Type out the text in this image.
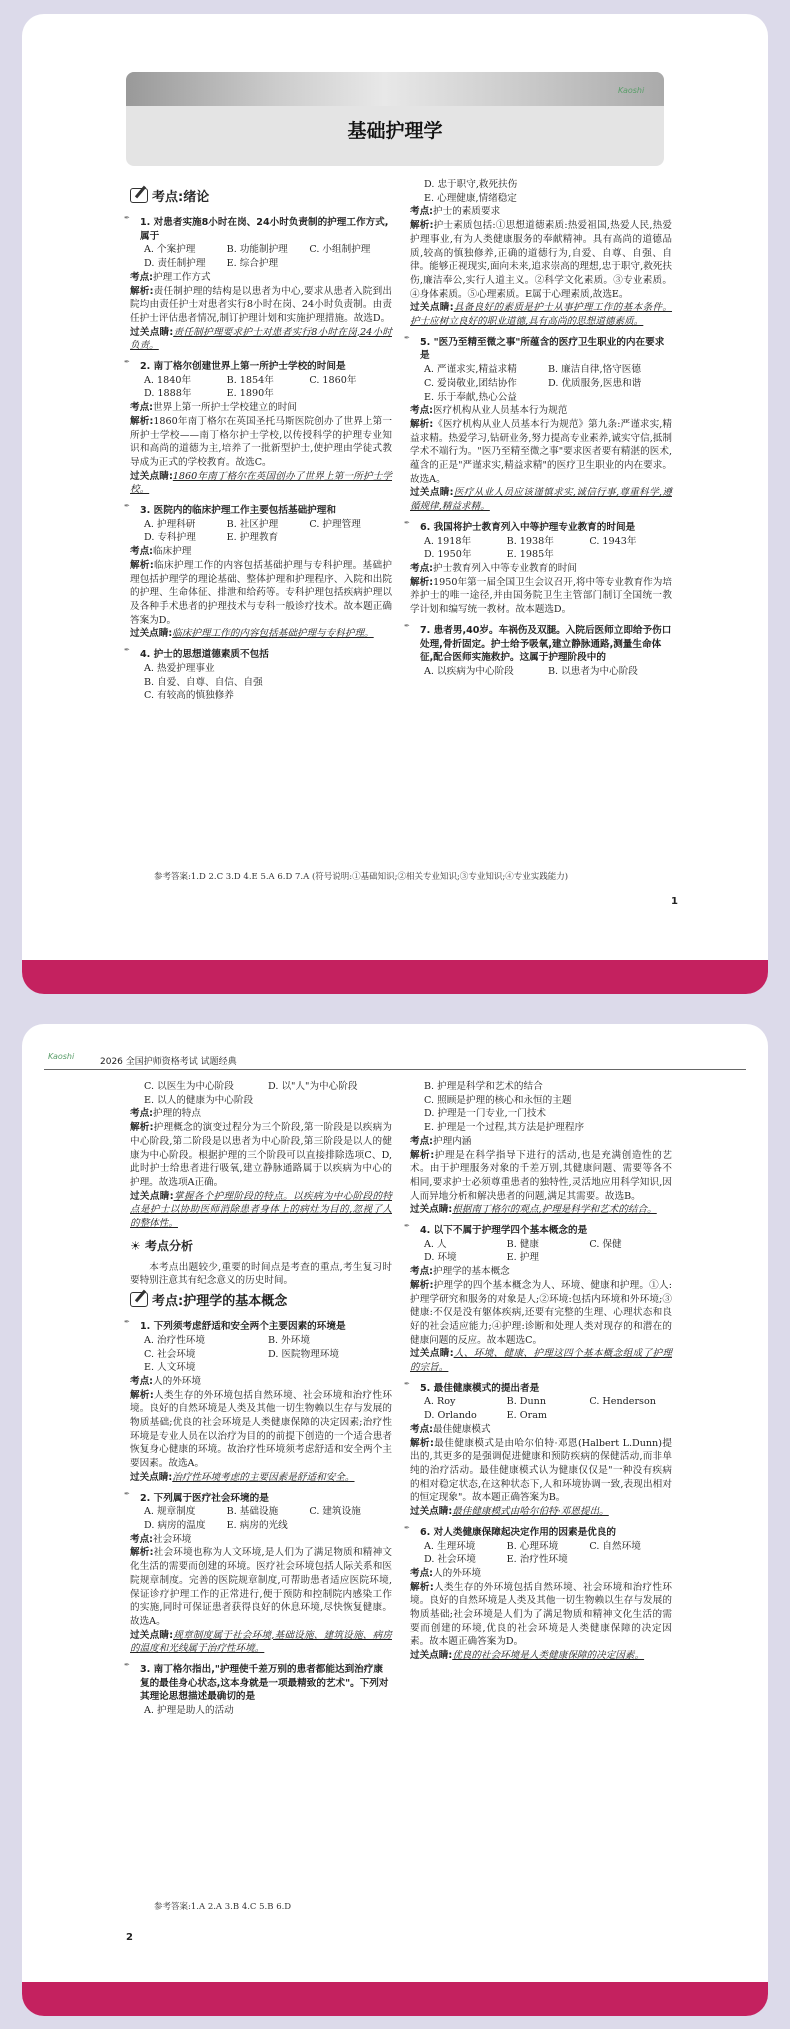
基础护理学
Kaoshi
考点:绪论
✒ 1. 对患者实施8小时在岗、24小时负责制的护理工作方式,属于
A. 个案护理	B. 功能制护理	C. 小组制护理
D. 责任制护理	E. 综合护理
考点:护理工作方式
解析:责任制护理的结构是以患者为中心,要求从患者入院到出院均由责任护士对患者实行8小时在岗、24小时负责制。由责任护士评估患者情况,制订护理计划和实施护理措施。故选D。
过关点睛:责任制护理要求护士对患者实行8小时在岗,24小时负责。
✒ 2. 南丁格尔创建世界上第一所护士学校的时间是
A. 1840年	B. 1854年	C. 1860年
D. 1888年	E. 1890年
考点:世界上第一所护士学校建立的时间
解析:1860年南丁格尔在英国圣托马斯医院创办了世界上第一所护士学校——南丁格尔护士学校,以传授科学的护理专业知识和高尚的道德为主,培养了一批新型护士,使护理由学徒式教导成为正式的学校教育。故选C。
过关点睛:1860年南丁格尔在英国创办了世界上第一所护士学校。
✒ 3. 医院内的临床护理工作主要包括基础护理和
A. 护理科研	B. 社区护理	C. 护理管理
D. 专科护理	E. 护理教育
考点:临床护理
解析:临床护理工作的内容包括基础护理与专科护理。基础护理包括护理学的理论基础、整体护理和护理程序、入院和出院的护理、生命体征、排泄和给药等。专科护理包括疾病护理以及各种手术患者的护理技术与专科一般诊疗技术。故本题正确答案为D。
过关点睛:临床护理工作的内容包括基础护理与专科护理。
✒ 4. 护士的思想道德素质不包括
A. 热爱护理事业
B. 自爱、自尊、自信、自强
C. 有较高的慎独修养
D. 忠于职守,救死扶伤
E. 心理健康,情绪稳定
考点:护士的素质要求
解析:护士素质包括:①思想道德素质:热爱祖国,热爱人民,热爱护理事业,有为人类健康服务的奉献精神。具有高尚的道德品质,较高的慎独修养,正确的道德行为,自爱、自尊、自强、自律。能够正视现实,面向未来,追求崇高的理想,忠于职守,救死扶伤,廉洁奉公,实行人道主义。②科学文化素质。③专业素质。④身体素质。⑤心理素质。E属于心理素质,故选E。
过关点睛:具备良好的素质是护士从事护理工作的基本条件。护士应树立良好的职业道德,具有高尚的思想道德素质。
✒ 5. "医乃至精至微之事"所蕴含的医疗卫生职业的内在要求是
A. 严谨求实,精益求精	B. 廉洁自律,恪守医德
C. 爱岗敬业,团结协作	D. 优质服务,医患和谐
E. 乐于奉献,热心公益
考点:医疗机构从业人员基本行为规范
解析:《医疗机构从业人员基本行为规范》第九条:严谨求实,精益求精。热爱学习,钻研业务,努力提高专业素养,诚实守信,抵制学术不端行为。"医乃至精至微之事"要求医者要有精湛的医术,蕴含的正是"严谨求实,精益求精"的医疗卫生职业的内在要求。故选A。
过关点睛:医疗从业人员应该谨慎求实,诚信行事,尊重科学,遵循规律,精益求精。
✒ 6. 我国将护士教育列入中等护理专业教育的时间是
A. 1918年	B. 1938年	C. 1943年
D. 1950年	E. 1985年
考点:护士教育列入中等专业教育的时间
解析:1950年第一届全国卫生会议召开,将中等专业教育作为培养护士的唯一途径,并由国务院卫生主管部门制订全国统一教学计划和编写统一教材。故本题选D。
✒ 7. 患者男,40岁。车祸伤及双腿。入院后医师立即给予伤口处理,骨折固定。护士给予吸氧,建立静脉通路,测量生命体征,配合医师实施救护。这属于护理阶段中的
A. 以疾病为中心阶段	B. 以患者为中心阶段
参考答案:1.D 2.C 3.D 4.E 5.A 6.D 7.A (符号说明:①基础知识;②相关专业知识;③专业知识;④专业实践能力)
1
Kaoshi
2026 全国护师资格考试 试题经典
C. 以医生为中心阶段	D. 以"人"为中心阶段
E. 以人的健康为中心阶段
考点:护理的特点
解析:护理概念的演变过程分为三个阶段,第一阶段是以疾病为中心阶段,第二阶段是以患者为中心阶段,第三阶段是以人的健康为中心阶段。根据护理的三个阶段可以直接排除选项C、D,此时护士给患者进行吸氧,建立静脉通路属于以疾病为中心的护理。故选项A正确。
过关点睛:掌握各个护理阶段的特点。以疾病为中心阶段的特点是护士以协助医师消除患者身体上的病灶为目的,忽视了人的整体性。
☀ 考点分析
本考点出题较少,重要的时间点是考查的重点,考生复习时要特别注意其有纪念意义的历史时间。
考点:护理学的基本概念
✒ 1. 下列须考虑舒适和安全两个主要因素的环境是
A. 治疗性环境	B. 外环境
C. 社会环境	D. 医院物理环境
E. 人文环境
考点:人的外环境
解析:人类生存的外环境包括自然环境、社会环境和治疗性环境。良好的自然环境是人类及其他一切生物赖以生存与发展的物质基础;优良的社会环境是人类健康保障的决定因素;治疗性环境是专业人员在以治疗为目的的前提下创造的一个适合患者恢复身心健康的环境。故治疗性环境须考虑舒适和安全两个主要因素。故选A。
过关点睛:治疗性环境考虑的主要因素是舒适和安全。
✒ 2. 下列属于医疗社会环境的是
A. 规章制度	B. 基础设施	C. 建筑设施
D. 病房的温度	E. 病房的光线
考点:社会环境
解析:社会环境也称为人文环境,是人们为了满足物质和精神文化生活的需要而创建的环境。医疗社会环境包括人际关系和医院规章制度。完善的医院规章制度,可帮助患者适应医院环境,保证诊疗护理工作的正常进行,便于预防和控制院内感染工作的实施,同时可保证患者获得良好的休息环境,尽快恢复健康。故选A。
过关点睛:规章制度属于社会环境,基础设施、建筑设施、病房的温度和光线属于治疗性环境。
✒ 3. 南丁格尔指出,"护理使千差万别的患者都能达到治疗康复的最佳身心状态,这本身就是一项最精致的艺术"。下列对其理论思想描述最确切的是
A. 护理是助人的活动
B. 护理是科学和艺术的结合
C. 照顾是护理的核心和永恒的主题
D. 护理是一门专业,一门技术
E. 护理是一个过程,其方法是护理程序
考点:护理内涵
解析:护理是在科学指导下进行的活动,也是充满创造性的艺术。由于护理服务对象的千差万别,其健康问题、需要等各不相同,要求护士必须尊重患者的独特性,灵活地应用科学知识,因人而异地分析和解决患者的问题,满足其需要。故选B。
过关点睛:根据南丁格尔的观点,护理是科学和艺术的结合。
✒ 4. 以下不属于护理学四个基本概念的是
A. 人	B. 健康	C. 保健
D. 环境	E. 护理
考点:护理学的基本概念
解析:护理学的四个基本概念为人、环境、健康和护理。①人:护理学研究和服务的对象是人;②环境:包括内环境和外环境;③健康:不仅是没有躯体疾病,还要有完整的生理、心理状态和良好的社会适应能力;④护理:诊断和处理人类对现存的和潜在的健康问题的反应。故本题选C。
过关点睛:人、环境、健康、护理这四个基本概念组成了护理的宗旨。
✒ 5. 最佳健康模式的提出者是
A. Roy	B. Dunn	C. Henderson
D. Orlando	E. Oram
考点:最佳健康模式
解析:最佳健康模式是由哈尔伯特·邓恩(Halbert L.Dunn)提出的,其更多的是强调促进健康和预防疾病的保健活动,而非单纯的治疗活动。最佳健康模式认为健康仅仅是"一种没有疾病的相对稳定状态,在这种状态下,人和环境协调一致,表现出相对的恒定现象"。故本题正确答案为B。
过关点睛:最佳健康模式由哈尔伯特·邓恩提出。
✒ 6. 对人类健康保障起决定作用的因素是优良的
A. 生理环境	B. 心理环境	C. 自然环境
D. 社会环境	E. 治疗性环境
考点:人的外环境
解析:人类生存的外环境包括自然环境、社会环境和治疗性环境。良好的自然环境是人类及其他一切生物赖以生存与发展的物质基础;社会环境是人们为了满足物质和精神文化生活的需要而创建的环境,优良的社会环境是人类健康保障的决定因素。故本题正确答案为D。
过关点睛:优良的社会环境是人类健康保障的决定因素。
参考答案:1.A 2.A 3.B 4.C 5.B 6.D
2
